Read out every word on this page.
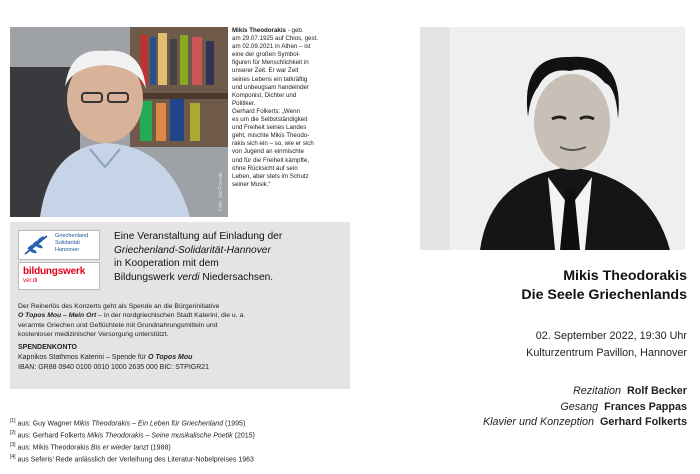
Foto: Jan Foerste
Mikis Theodorakis - geb.
am 29.07.1925 auf Chios, gest.
am 02.09.2021 in Athen – ist
eine der großen Symbol-
figuren für Menschlichkeit in
unserer Zeit. Er war Zeit
seines Lebens ein tatkräftig
und unbeugsam handelnder
Komponist, Dichter und
Politiker.
Gerhard Folkerts: „Wenn
es um die Selbstständigkeit
und Freiheit seines Landes
geht, mischte Mikis Theodo-
rakis sich ein – so, wie er sich
von Jugend an einmischte
und für die Freiheit kämpfte,
ohne Rücksicht auf sein
Leben, aber stets im Schutz
seiner Musik.“
Griechenland
Solidarität
Hannover
bildungswerk
ver.di
Eine Veranstaltung auf Einladung der
Griechenland-Solidarität-Hannover
in Kooperation mit dem
Bildungswerk verdi Niedersachsen.
Der Reinerlös des Konzerts geht als Spende an die Bürgerinitiative
O Topos Mou – Mein Ort – in der nordgriechischen Stadt Katerini, die u. a.
verarmte Griechen und Geflüchtete mit Grundnahrungsmitteln und
kostenloser medizinischer Versorgung unterstützt.
SPENDENKONTO
Kapnikos Stathmos Katerini – Spende für O Topos Mou
IBAN: GR88 0940 0100 0010 1000 2635 000 BIC: STPIGR21
[1] aus: Guy Wagner Mikis Theodorakis – Ein Leben für Griechenland (1995)
[2] aus: Gerhard Folkerts Mikis Theodorakis – Seine musikalische Poetik (2015)
[3] aus: Mikis Theodorakis Bis er wieder tanzt (1988)
[4] aus Seferis' Rede anlässlich der Verleihung des Literatur-Nobelpreises 1963
Mikis Theodorakis
Die Seele Griechenlands
02. September 2022, 19:30 Uhr
Kulturzentrum Pavillon, Hannover
Rezitation Rolf Becker
Gesang Frances Pappas
Klavier und Konzeption Gerhard Folkerts
